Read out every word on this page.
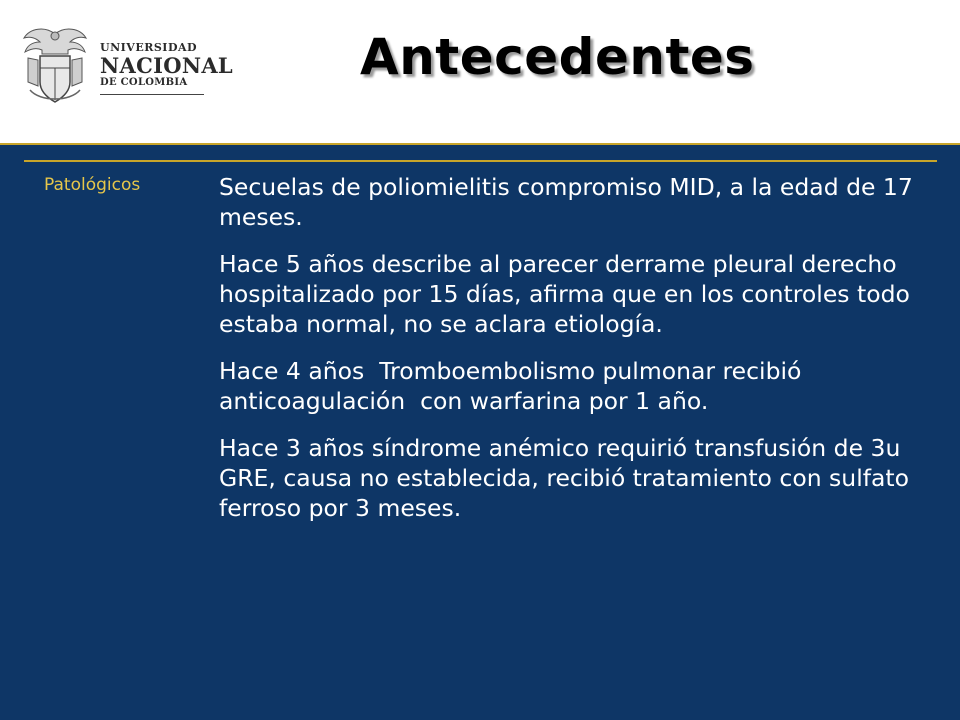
UNIVERSIDAD
NACIONAL
DE COLOMBIA	Antecedentes
Patológicos	Secuelas de poliomielitis compromiso MID, a la edad de 17 meses.

Hace 5 años describe al parecer derrame pleural derecho hospitalizado por 15 días, afirma que en los controles todo estaba normal, no se aclara etiología.

Hace 4 años  Tromboembolismo pulmonar recibió anticoagulación  con warfarina por 1 año.

Hace 3 años síndrome anémico requirió transfusión de 3u GRE, causa no establecida, recibió tratamiento con sulfato ferroso por 3 meses.
